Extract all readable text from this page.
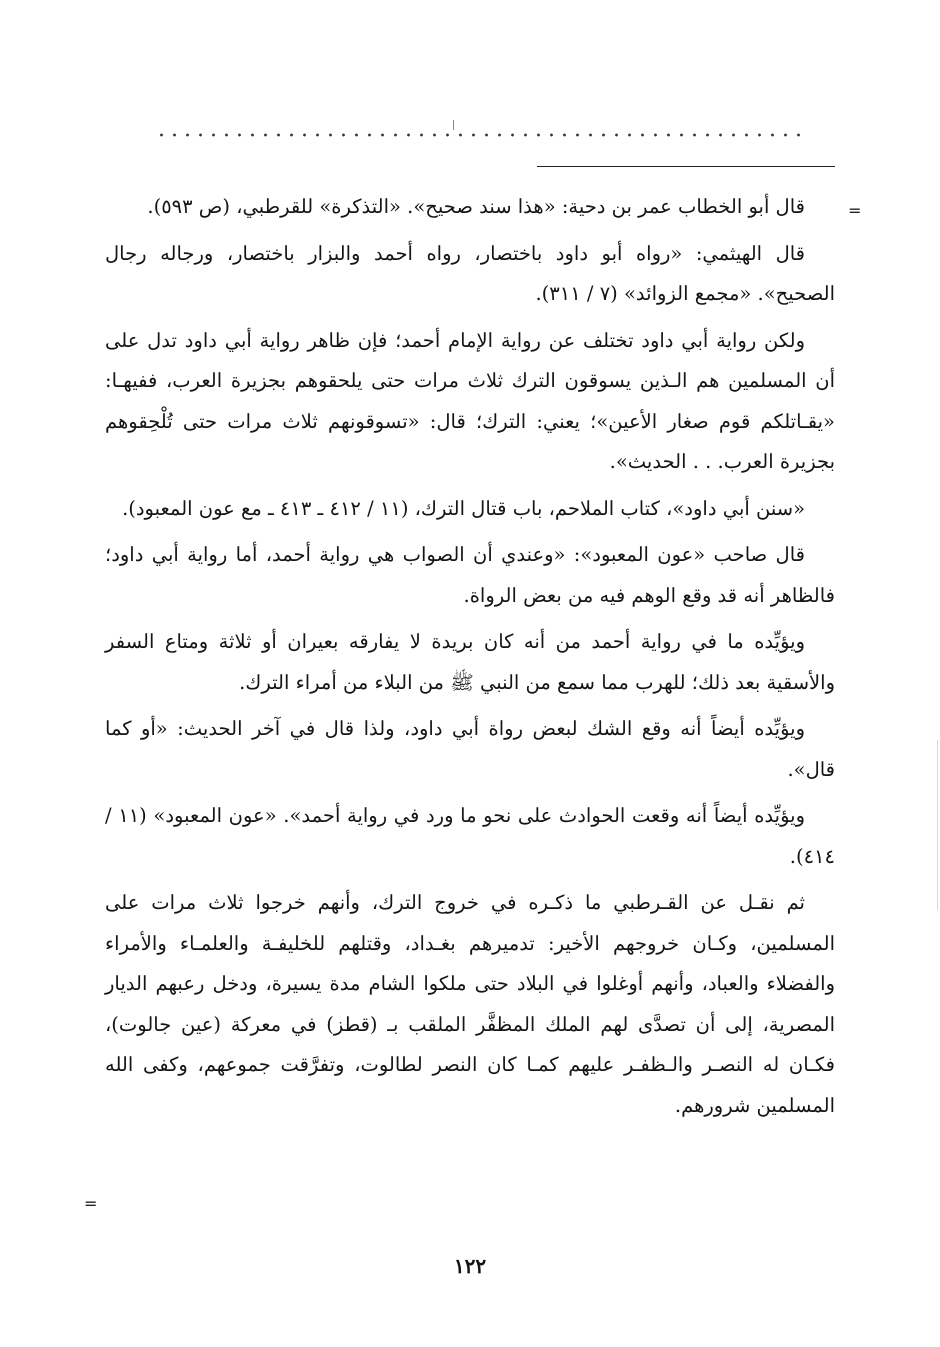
=

قال أبو الخطاب عمر بن دحية: «هذا سند صحيح». «التذكرة» للقرطبي، (ص ٥٩٣).

قال الهيثمي: «رواه أبو داود باختصار، رواه أحمد والبزار باختصار، ورجاله رجال الصحيح». «مجمع الزوائد» (٧ / ٣١١).

ولكن رواية أبي داود تختلف عن رواية الإمام أحمد؛ فإن ظاهر رواية أبي داود تدل على أن المسلمين هم الـذين يسوقون الترك ثلاث مرات حتى يلحقوهم بجزيرة العرب، ففيهـا: «يقـاتلكم قوم صغار الأعين»؛ يعني: الترك؛ قال: «تسوقونهم ثلاث مرات حتى تُلْحِقوهم بجزيرة العرب. . . الحديث».

«سنن أبي داود»، كتاب الملاحم، باب قتال الترك، (١١ / ٤١٢ ـ ٤١٣ ـ مع عون المعبود).

قال صاحب «عون المعبود»: «وعندي أن الصواب هي رواية أحمد، أما رواية أبي داود؛ فالظاهر أنه قد وقع الوهم فيه من بعض الرواة.

ويؤيِّده ما في رواية أحمد من أنه كان بريدة لا يفارقه بعيران أو ثلاثة ومتاع السفر والأسقية بعد ذلك؛ للهرب مما سمع من النبي ﷺ من البلاء من أمراء الترك.

ويؤيِّده أيضاً أنه وقع الشك لبعض رواة أبي داود، ولذا قال في آخر الحديث: «أو كما قال».

ويؤيِّده أيضاً أنه وقعت الحوادث على نحو ما ورد في رواية أحمد». «عون المعبود» (١١ / ٤١٤).

ثم نقـل عن القـرطبي ما ذكـره في خروج الترك، وأنهم خرجوا ثلاث مرات على المسلمين، وكـان خروجهم الأخير: تدميرهم بغـداد، وقتلهم للخليفـة والعلمـاء والأمراء والفضلاء والعباد، وأنهم أوغلوا في البلاد حتى ملكوا الشام مدة يسيرة، ودخل رعبهم الديار المصرية، إلى أن تصدَّى لهم الملك المظفَّر الملقب بـ (قطز) في معركة (عين جالوت)، فكـان له النصـر والـظفـر عليهم كمـا كان النصر لطالوت، وتفرَّقت جموعهم، وكفى الله المسلمين شرورهم.

=
١٢٢
